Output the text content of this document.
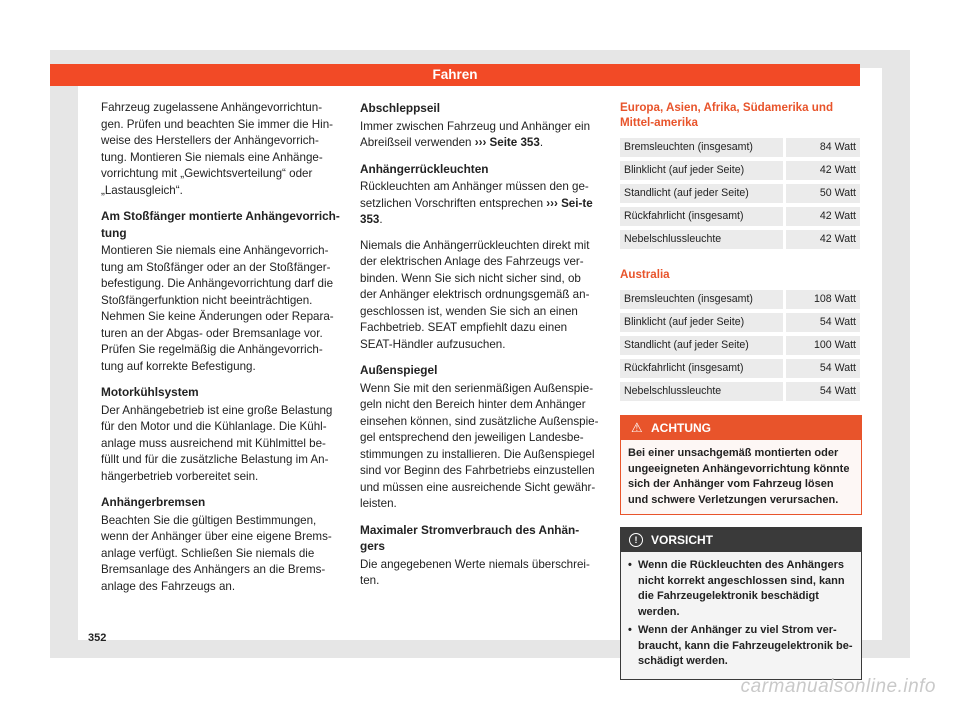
Fahren

Fahrzeug zugelassene Anhängevorrichtun-gen. Prüfen und beachten Sie immer die Hin-weise des Herstellers der Anhängevorrich-tung. Montieren Sie niemals eine Anhänge-vorrichtung mit „Gewichtsverteilung“ oder „Lastausgleich“.

Am Stoßfänger montierte Anhängevorrich-tung

Montieren Sie niemals eine Anhängevorrich-tung am Stoßfänger oder an der Stoßfänger-befestigung. Die Anhängevorrichtung darf die Stoßfängerfunktion nicht beeinträchtigen. Nehmen Sie keine Änderungen oder Repara-turen an der Abgas- oder Bremsanlage vor. Prüfen Sie regelmäßig die Anhängevorrich-tung auf korrekte Befestigung.

Motorkühlsystem

Der Anhängebetrieb ist eine große Belastung für den Motor und die Kühlanlage. Die Kühl-anlage muss ausreichend mit Kühlmittel be-füllt und für die zusätzliche Belastung im An-hängerbetrieb vorbereitet sein.

Anhängerbremsen

Beachten Sie die gültigen Bestimmungen, wenn der Anhänger über eine eigene Brems-anlage verfügt. Schließen Sie niemals die Bremsanlage des Anhängers an die Brems-anlage des Fahrzeugs an.

Abschleppseil

Immer zwischen Fahrzeug und Anhänger ein Abreißseil verwenden ››› Seite 353.

Anhängerrückleuchten

Rückleuchten am Anhänger müssen den ge-setzlichen Vorschriften entsprechen ››› Sei-te 353.

Niemals die Anhängerrückleuchten direkt mit der elektrischen Anlage des Fahrzeugs ver-binden. Wenn Sie sich nicht sicher sind, ob der Anhänger elektrisch ordnungsgemäß an-geschlossen ist, wenden Sie sich an einen Fachbetrieb. SEAT empfiehlt dazu einen SEAT-Händler aufzusuchen.

Außenspiegel

Wenn Sie mit den serienmäßigen Außenspie-geln nicht den Bereich hinter dem Anhänger einsehen können, sind zusätzliche Außenspie-gel entsprechend den jeweiligen Landesbe-stimmungen zu installieren. Die Außenspiegel sind vor Beginn des Fahrbetriebs einzustellen und müssen eine ausreichende Sicht gewähr-leisten.

Maximaler Stromverbrauch des Anhän-gers

Die angegebenen Werte niemals überschrei-ten.

Europa, Asien, Afrika, Südamerika und Mittel-amerika
Bremsleuchten (insgesamt)	84 Watt
Blinklicht (auf jeder Seite)	42 Watt
Standlicht (auf jeder Seite)	50 Watt
Rückfahrlicht (insgesamt)	42 Watt
Nebelschlussleuchte	42 Watt
Australia
Bremsleuchten (insgesamt)	108 Watt
Blinklicht (auf jeder Seite)	54 Watt
Standlicht (auf jeder Seite)	100 Watt
Rückfahrlicht (insgesamt)	54 Watt
Nebelschlussleuchte	54 Watt
⚠ ACHTUNG
Bei einer unsachgemäß montierten oder ungeeigneten Anhängevorrichtung könnte sich der Anhänger vom Fahrzeug lösen und schwere Verletzungen verursachen.
!	VORSICHT
• Wenn die Rückleuchten des Anhängers nicht korrekt angeschlossen sind, kann die Fahrzeugelektronik beschädigt werden.
• Wenn der Anhänger zu viel Strom ver-braucht, kann die Fahrzeugelektronik be-schädigt werden.
352
carmanualsonline.info
